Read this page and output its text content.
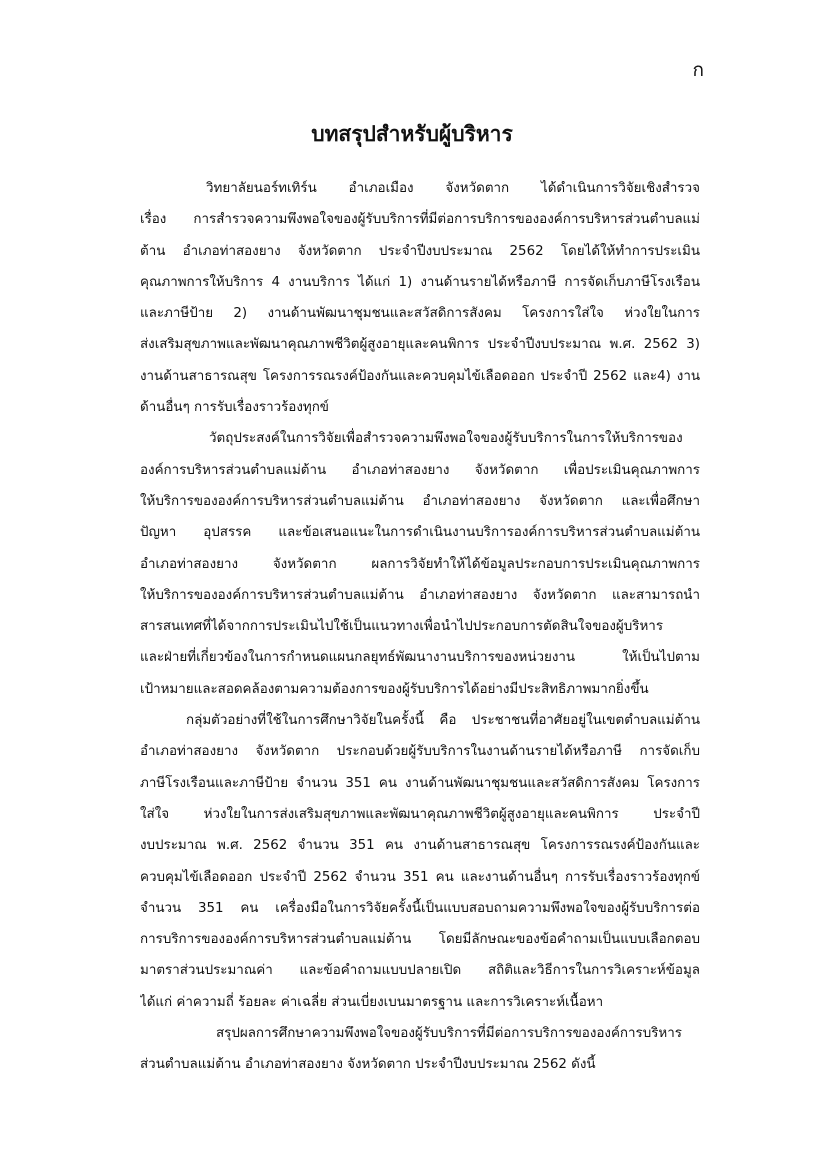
ก
บทสรุปสำหรับผู้บริหาร

วิทยาลัยนอร์ทเทิร์น อำเภอเมือง จังหวัดตาก ได้ดำเนินการวิจัยเชิงสำรวจ
เรื่อง การสำรวจความพึงพอใจของผู้รับบริการที่มีต่อการบริการขององค์การบริหารส่วนตำบลแม่
ต้าน อำเภอท่าสองยาง จังหวัดตาก ประจำปีงบประมาณ 2562 โดยได้ให้ทำการประเมิน
คุณภาพการให้บริการ 4 งานบริการ ได้แก่ 1) งานด้านรายได้หรือภาษี การจัดเก็บภาษีโรงเรือน
และภาษีป้าย 2) งานด้านพัฒนาชุมชนและสวัสดิการสังคม โครงการใส่ใจ ห่วงใยในการ
ส่งเสริมสุขภาพและพัฒนาคุณภาพชีวิตผู้สูงอายุและคนพิการ ประจำปีงบประมาณ พ.ศ. 2562 3)
งานด้านสาธารณสุข โครงการรณรงค์ป้องกันและควบคุมไข้เลือดออก ประจำปี 2562 และ4) งาน
ด้านอื่นๆ การรับเรื่องราวร้องทุกข์

วัตถุประสงค์ในการวิจัยเพื่อสำรวจความพึงพอใจของผู้รับบริการในการให้บริการของ
องค์การบริหารส่วนตำบลแม่ต้าน อำเภอท่าสองยาง จังหวัดตาก เพื่อประเมินคุณภาพการ
ให้บริการขององค์การบริหารส่วนตำบลแม่ต้าน อำเภอท่าสองยาง จังหวัดตาก และเพื่อศึกษา
ปัญหา อุปสรรค และข้อเสนอแนะในการดำเนินงานบริการองค์การบริหารส่วนตำบลแม่ต้าน
อำเภอท่าสองยาง จังหวัดตาก ผลการวิจัยทำให้ได้ข้อมูลประกอบการประเมินคุณภาพการ
ให้บริการขององค์การบริหารส่วนตำบลแม่ต้าน อำเภอท่าสองยาง จังหวัดตาก และสามารถนำ
สารสนเทศที่ได้จากการประเมินไปใช้เป็นแนวทางเพื่อนำไปประกอบการตัดสินใจของผู้บริหาร
และฝ่ายที่เกี่ยวข้องในการกำหนดแผนกลยุทธ์พัฒนางานบริการของหน่วยงาน ให้เป็นไปตาม
เป้าหมายและสอดคล้องตามความต้องการของผู้รับบริการได้อย่างมีประสิทธิภาพมากยิ่งขึ้น

กลุ่มตัวอย่างที่ใช้ในการศึกษาวิจัยในครั้งนี้ คือ ประชาชนที่อาศัยอยู่ในเขตตำบลแม่ต้าน
อำเภอท่าสองยาง จังหวัดตาก ประกอบด้วยผู้รับบริการในงานด้านรายได้หรือภาษี การจัดเก็บ
ภาษีโรงเรือนและภาษีป้าย จำนวน 351 คน งานด้านพัฒนาชุมชนและสวัสดิการสังคม โครงการ
ใส่ใจ ห่วงใยในการส่งเสริมสุขภาพและพัฒนาคุณภาพชีวิตผู้สูงอายุและคนพิการ ประจำปี
งบประมาณ พ.ศ. 2562 จำนวน 351 คน งานด้านสาธารณสุข โครงการรณรงค์ป้องกันและ
ควบคุมไข้เลือดออก ประจำปี 2562 จำนวน 351 คน และงานด้านอื่นๆ การรับเรื่องราวร้องทุกข์
จำนวน 351 คน เครื่องมือในการวิจัยครั้งนี้เป็นแบบสอบถามความพึงพอใจของผู้รับบริการต่อ
การบริการขององค์การบริหารส่วนตำบลแม่ต้าน โดยมีลักษณะของข้อคำถามเป็นแบบเลือกตอบ
มาตราส่วนประมาณค่า และข้อคำถามแบบปลายเปิด สถิติและวิธีการในการวิเคราะห์ข้อมูล
ได้แก่ ค่าความถี่ ร้อยละ ค่าเฉลี่ย ส่วนเบี่ยงเบนมาตรฐาน และการวิเคราะห์เนื้อหา

สรุปผลการศึกษาความพึงพอใจของผู้รับบริการที่มีต่อการบริการขององค์การบริหาร
ส่วนตำบลแม่ต้าน อำเภอท่าสองยาง จังหวัดตาก ประจำปีงบประมาณ 2562 ดังนี้
